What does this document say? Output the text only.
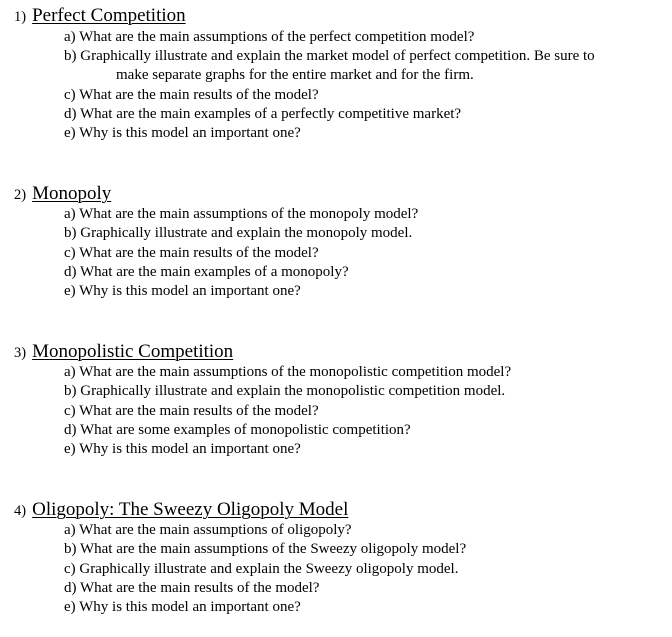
1) Perfect Competition
a) What are the main assumptions of the perfect competition model?
b) Graphically illustrate and explain the market model of perfect competition. Be sure to
make separate graphs for the entire market and for the firm.
c) What are the main results of the model?
d) What are the main examples of a perfectly competitive market?
e) Why is this model an important one?
2) Monopoly
a) What are the main assumptions of the monopoly model?
b) Graphically illustrate and explain the monopoly model.
c) What are the main results of the model?
d) What are the main examples of a monopoly?
e) Why is this model an important one?
3) Monopolistic Competition
a) What are the main assumptions of the monopolistic competition model?
b) Graphically illustrate and explain the monopolistic competition model.
c) What are the main results of the model?
d) What are some examples of monopolistic competition?
e) Why is this model an important one?
4) Oligopoly: The Sweezy Oligopoly Model
a) What are the main assumptions of oligopoly?
b) What are the main assumptions of the Sweezy oligopoly model?
c) Graphically illustrate and explain the Sweezy oligopoly model.
d) What are the main results of the model?
e) Why is this model an important one?
